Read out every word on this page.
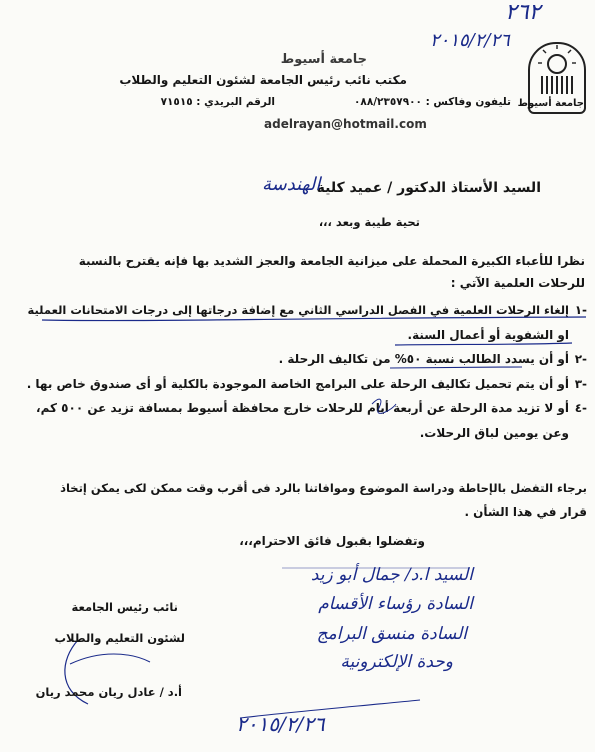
٢٦٢
٢٠١٥/٢/٢٦
جامعة أسيوط
جامعة أسيوط
مكتب نائب رئيس الجامعة لشئون التعليم والطلاب
تليفون وفاكس : ٠٨٨/٢٣٥٧٩٠٠
الرقم البريدي : ٧١٥١٥
adelrayan@hotmail.com
السيد الأستاذ الدكتور / عميد كلية
الهندسة
تحية طيبة وبعد ،،،
نظرا للأعباء الكبيرة المحملة على ميزانية الجامعة والعجز الشديد بها فإنه يقترح بالنسبة
للرحلات العلمية الآتي :
١-
إلغاء الرحلات العلمية في الفصل الدراسي الثاني مع إضافة درجاتها إلى درجات الامتحانات العملية
او الشفوية أو أعمال السنة.
٢-
أو أن يسدد الطالب نسبة ٥٠% من تكاليف الرحلة .
٣-
أو أن يتم تحميل تكاليف الرحلة على البرامج الخاصة الموجودة بالكلية أو أى صندوق خاص بها .
٤-
أو لا تزيد مدة الرحلة عن أربعة أيام للرحلات خارج محافظة أسيوط بمسافة تزيد عن ٥٠٠ كم،
وعن يومين لباق الرحلات.
برجاء التفضل بالإحاطة ودراسة الموضوع وموافاتنا بالرد فى أقرب وقت ممكن لكى يمكن إتخاذ
قرار في هذا الشأن .
وتفضلوا بقبول فائق الاحترام،،،
السيد ا.د/ جمال أبو زيد
السادة رؤساء الأقسام
السادة منسق البرامج
وحدة الإلكترونية
نائب رئيس الجامعة
لشئون التعليم والطلاب
أ.د / عادل ريان محمد ريان
٢٠١٥/٢/٢٦
